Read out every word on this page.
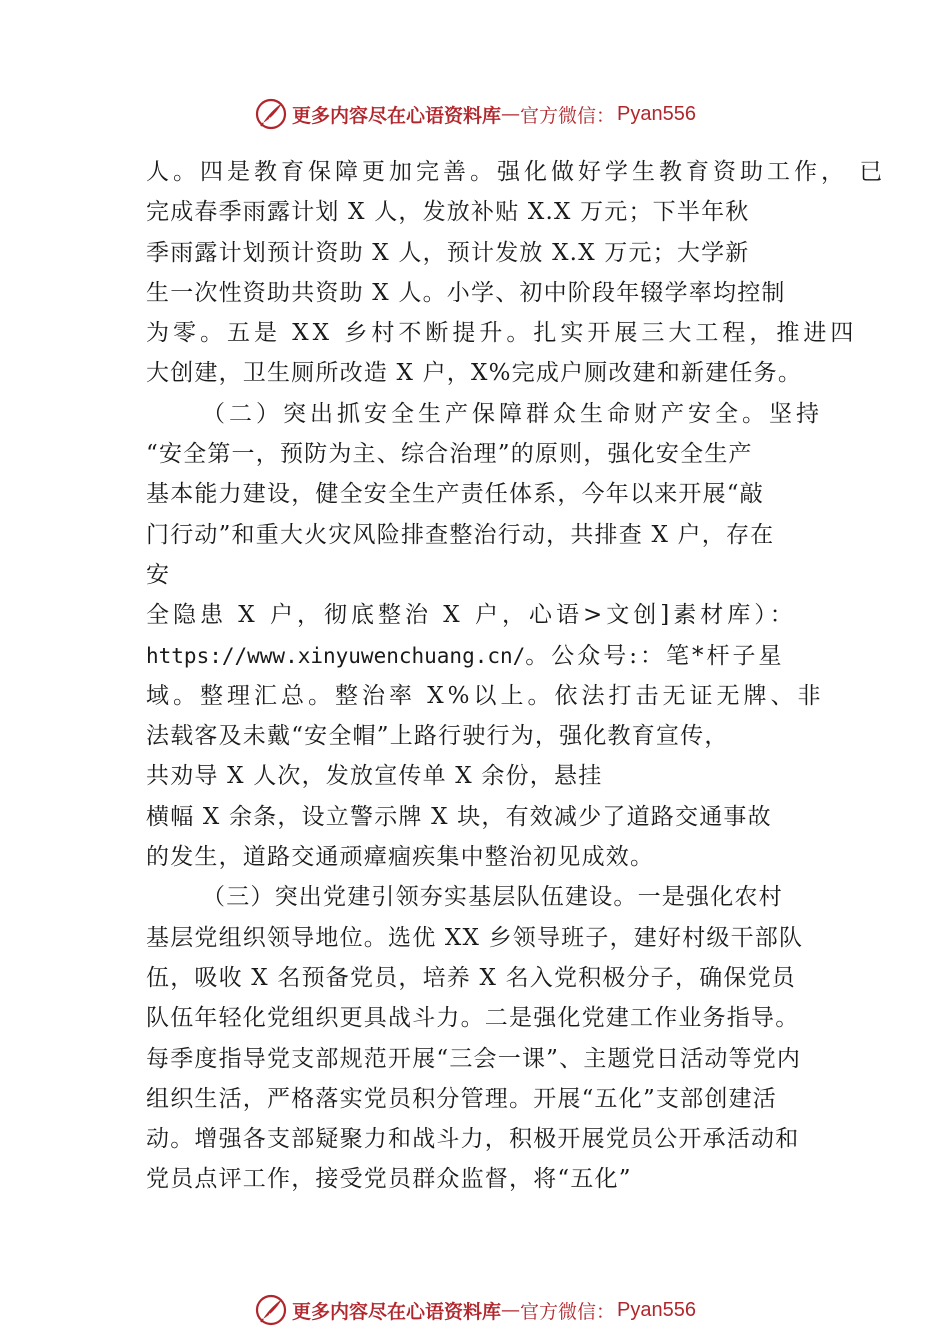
更多内容尽在心语资料库 — 官方微信： Pyan556
人。四是教育保障更加完善。强化做好学生教育资助工作， 已
完成春季雨露计划 X 人，发放补贴 X.X 万元；下半年秋
季雨露计划预计资助 X 人，预计发放 X.X 万元；大学新
生一次性资助共资助 X 人。小学、初中阶段年辍学率均控制
为零。五是 XX 乡村不断提升。扎实开展三大工程，推进四
大创建，卫生厕所改造 X 户，X%完成户厕改建和新建任务。
（二）突出抓安全生产保障群众生命财产安全。坚持
“安全第一，预防为主、综合治理”的原则，强化安全生产
基本能力建设，健全安全生产责任体系，今年以来开展“敲
门行动”和重大火灾风险排查整治行动，共排查 X 户，存在
安
全隐患 X 户，彻底整治 X 户，心语>文创]素材库）：
https://www.xinyuwenchuang.cn/。公众号:：笔*杆子星
域。整理汇总。整治率 X%以上。依法打击无证无牌、非
法载客及未戴“安全帽”上路行驶行为，强化教育宣传，
共劝导 X 人次，发放宣传单 X 余份，悬挂
横幅 X 余条，设立警示牌 X 块，有效减少了道路交通事故
的发生，道路交通顽瘴痼疾集中整治初见成效。
（三）突出党建引领夯实基层队伍建设。一是强化农村
基层党组织领导地位。选优 XX 乡领导班子，建好村级干部队
伍，吸收 X 名预备党员，培养 X 名入党积极分子，确保党员
队伍年轻化党组织更具战斗力。二是强化党建工作业务指导。
每季度指导党支部规范开展“三会一课”、主题党日活动等党内
组织生活，严格落实党员积分管理。开展“五化”支部创建活
动。增强各支部疑聚力和战斗力，积极开展党员公开承活动和
党员点评工作，接受党员群众监督，将“五化”
更多内容尽在心语资料库 — 官方微信： Pyan556
